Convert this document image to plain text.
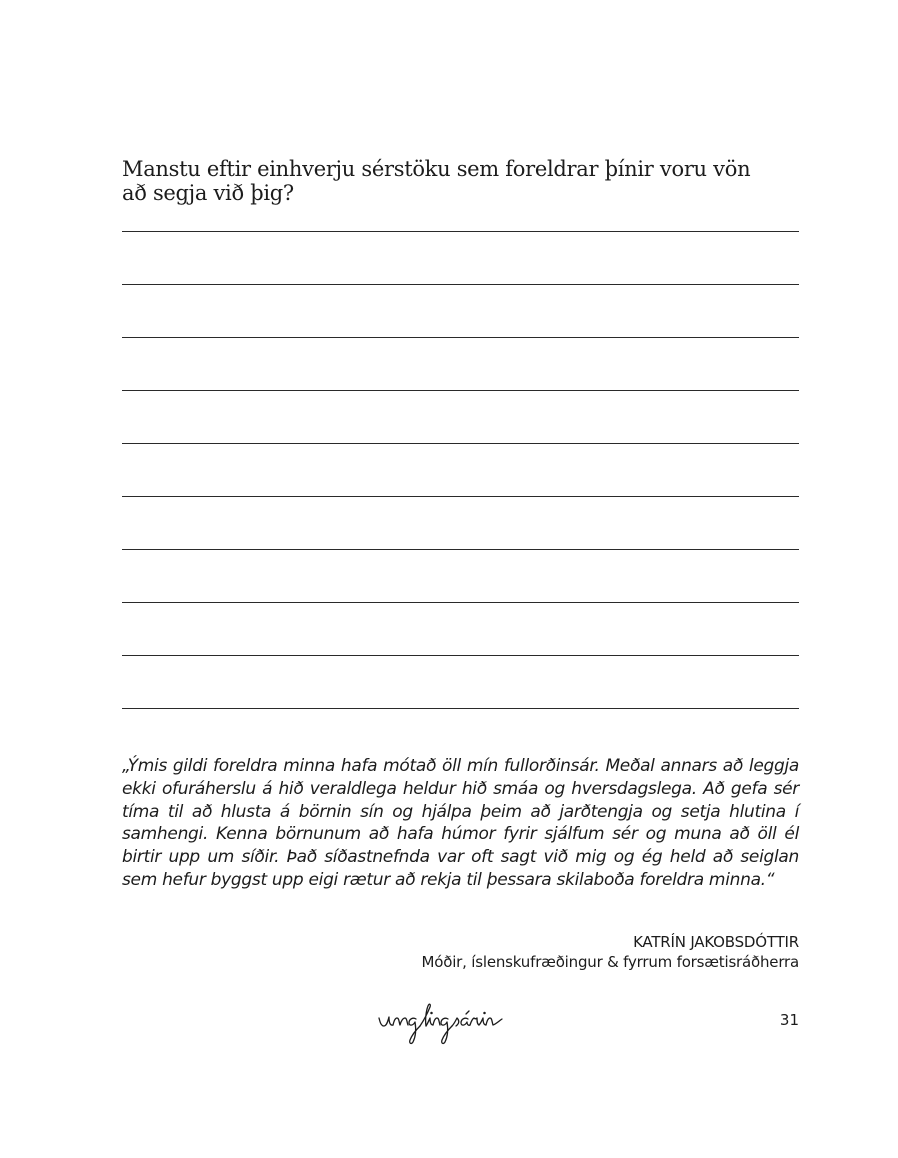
Manstu eftir einhverju sérstöku sem foreldrar þínir voru vön að segja við þig?

„Ýmis gildi foreldra minna hafa mótað öll mín fullorðinsár. Meðal annars að leggja ekki ofuráherslu á hið veraldlega heldur hið smáa og hversdagslega. Að gefa sér tíma til að hlusta á börnin sín og hjálpa þeim að jarðtengja og setja hlutina í samhengi. Kenna börnunum að hafa húmor fyrir sjálfum sér og muna að öll él birtir upp um síðir. Það síðastnefnda var oft sagt við mig og ég held að seiglan sem hefur byggst upp eigi rætur að rekja til þessara skilaboða foreldra minna.“

KATRÍN JAKOBSDÓTTIR
Móðir, íslenskufræðingur & fyrrum forsætisráðherra
31
